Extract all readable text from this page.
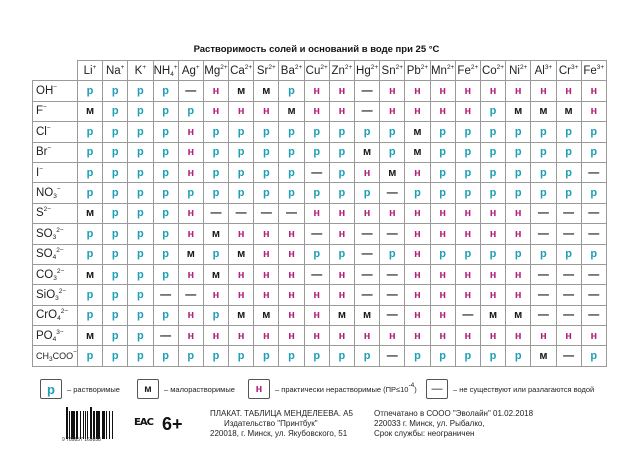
Растворимость солей и оснований в воде при 25 °С
	Li+	Na+	K+	$NH_4^+$	Ag+	$Mg^{2+}$	$Ca^{2+}$	$Sr^{2+}$	$Ba^{2+}$	$Cu^{2+}$	$Zn^{2+}$	$Hg^{2+}$	$Sn^{2+}$	$Pb^{2+}$	$Mn^{2+}$	$Fe^{2+}$	$Co^{2+}$	$Ni^{2+}$	$Al^{3+}$	$Cr^{3+}$	$Fe^{3+}$
OH−	р	р	р	р	—	н	м	м	р	н	н	—	н	н	н	н	н	н	н	н	н
F−	м	р	р	р	р	н	н	н	м	н	н	—	н	н	н	н	р	м	м	м	н
Cl−	р	р	р	р	н	р	р	р	р	р	р	р	р	м	р	р	р	р	р	р	р
Br−	р	р	р	р	н	р	р	р	р	р	р	м	р	м	р	р	р	р	р	р	р
I−	р	р	р	р	н	р	р	р	р	—	р	н	м	н	р	р	р	р	р	р	—
$NO_3^-$	р	р	р	р	р	р	р	р	р	р	р	р	—	р	р	р	р	р	р	р	р
$S^{2-}$	м	р	р	р	н	—	—	—	—	н	н	н	н	н	н	н	н	н	—	—	—
$SO_3^{2-}$	р	р	р	р	н	м	н	н	н	—	н	—	—	н	н	н	н	н	—	—	—
$SO_4^{2-}$	р	р	р	р	м	р	м	н	н	р	р	—	р	н	р	р	р	р	р	р	р
$CO_3^{2-}$	м	р	р	р	н	м	н	н	н	—	н	—	—	н	н	н	н	н	—	—	—
SiO$_3^{2-}$	р	р	р	—	—	н	н	н	н	н	н	—	—	н	н	н	н	н	—	—	—
CrO$_4^{2-}$	р	р	р	р	н	р	м	м	н	н	м	м	—	н	н	—	м	м	—	—	—
$PO_4^{3-}$	м	р	р	—	н	н	н	н	н	н	н	н	н	н	н	н	н	н	н	н	н
$CH_3COO^-$	р	р	р	р	р	р	р	р	р	р	р	р	—	р	р	р	р	р	м	—	р
р	– растворимые	м	– малорастворимые	н	– практически нерастворимые $(ПР\le 10^{-4})$	—	– не существуют или разлагаются водой
9 789857 169858
EAC 6+
ПЛАКАТ. ТАБЛИЦА МЕНДЕЛЕЕВА. А5
Издательство "Принтбук"
220018, г. Минск, ул. Якубовского, 51
Отпечатано в СООО "Эволайн" 01.02.2018
220033 г. Минск, ул. Рыбалко,
Срок службы: неограничен
